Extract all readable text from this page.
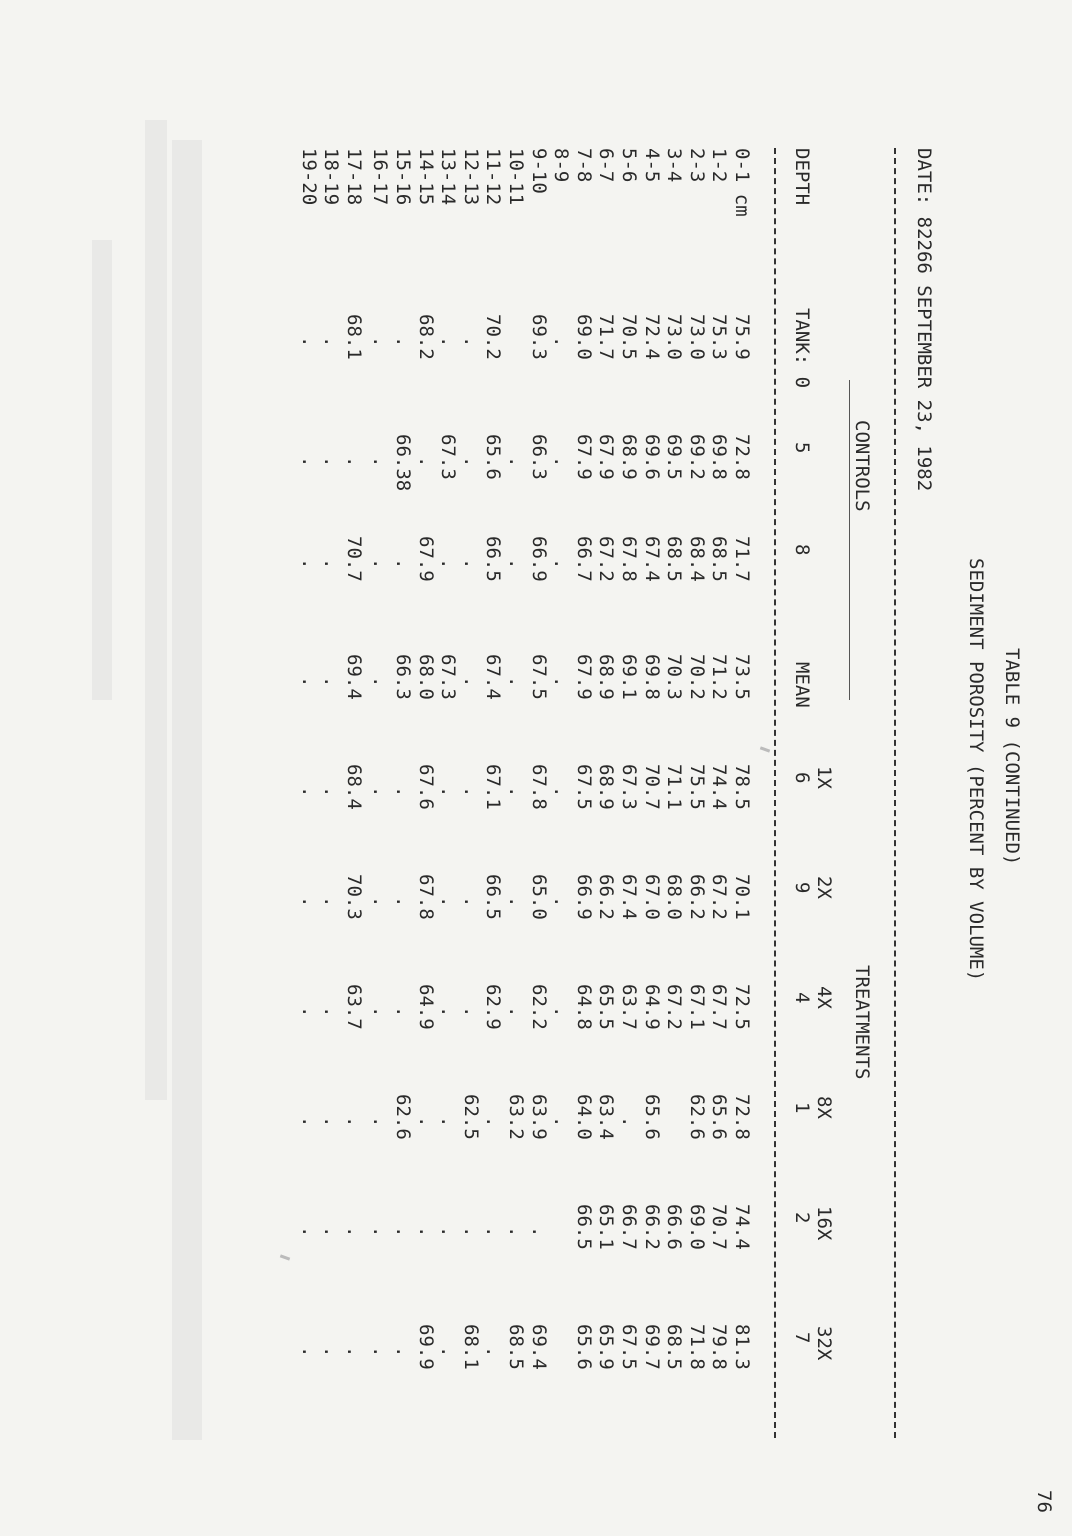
76
TABLE 9 (CONTINUED)
SEDIMENT POROSITY (PERCENT BY VOLUME)
DATE: 82266 SEPTEMBER 23, 1982
CONTROLS
TREATMENTS
1X
2X
4X
8X
16X
32X
DEPTH
TANK: 0
5
8
MEAN
6
9
4
1
2
7
0-1 cm
75.9
72.8
71.7
73.5
78.5
70.1
72.5
72.8
74.4
81.3
1-2
75.3
69.8
68.5
71.2
74.4
67.2
67.7
65.6
70.7
79.8
2-3
73.0
69.2
68.4
70.2
75.5
66.2
67.1
62.6
69.0
71.8
3-4
73.0
69.5
68.5
70.3
71.1
68.0
67.2
66.6
68.5
4-5
72.4
69.6
67.4
69.8
70.7
67.0
64.9
65.6
66.2
69.7
5-6
70.5
68.9
67.8
69.1
67.3
67.4
63.7
.
66.7
67.5
6-7
71.7
67.9
67.2
68.9
68.9
66.2
65.5
63.4
65.1
65.9
7-8
69.0
67.9
66.7
67.9
67.5
66.9
64.8
64.0
66.5
65.6
8-9
.
.
.
.
.
.
.
.
9-10
69.3
66.3
66.9
67.5
67.8
65.0
62.2
63.9
.
69.4
10-11
.
.
.
.
.
.
63.2
.
68.5
11-12
70.2
65.6
66.5
67.4
67.1
66.5
62.9
.
.
.
12-13
.
.
.
.
.
.
.
62.5
.
68.1
13-14
.
67.3
.
67.3
.
.
.
.
.
.
14-15
68.2
.
67.9
68.0
67.6
67.8
64.9
.
.
69.9
15-16
.
66.38
.
66.3
.
.
.
62.6
.
.
16-17
.
.
.
.
.
.
.
.
.
.
17-18
68.1
.
70.7
69.4
68.4
70.3
63.7
.
.
.
18-19
.
.
.
.
.
.
.
.
.
.
19-20
.
.
.
.
.
.
.
.
.
.
